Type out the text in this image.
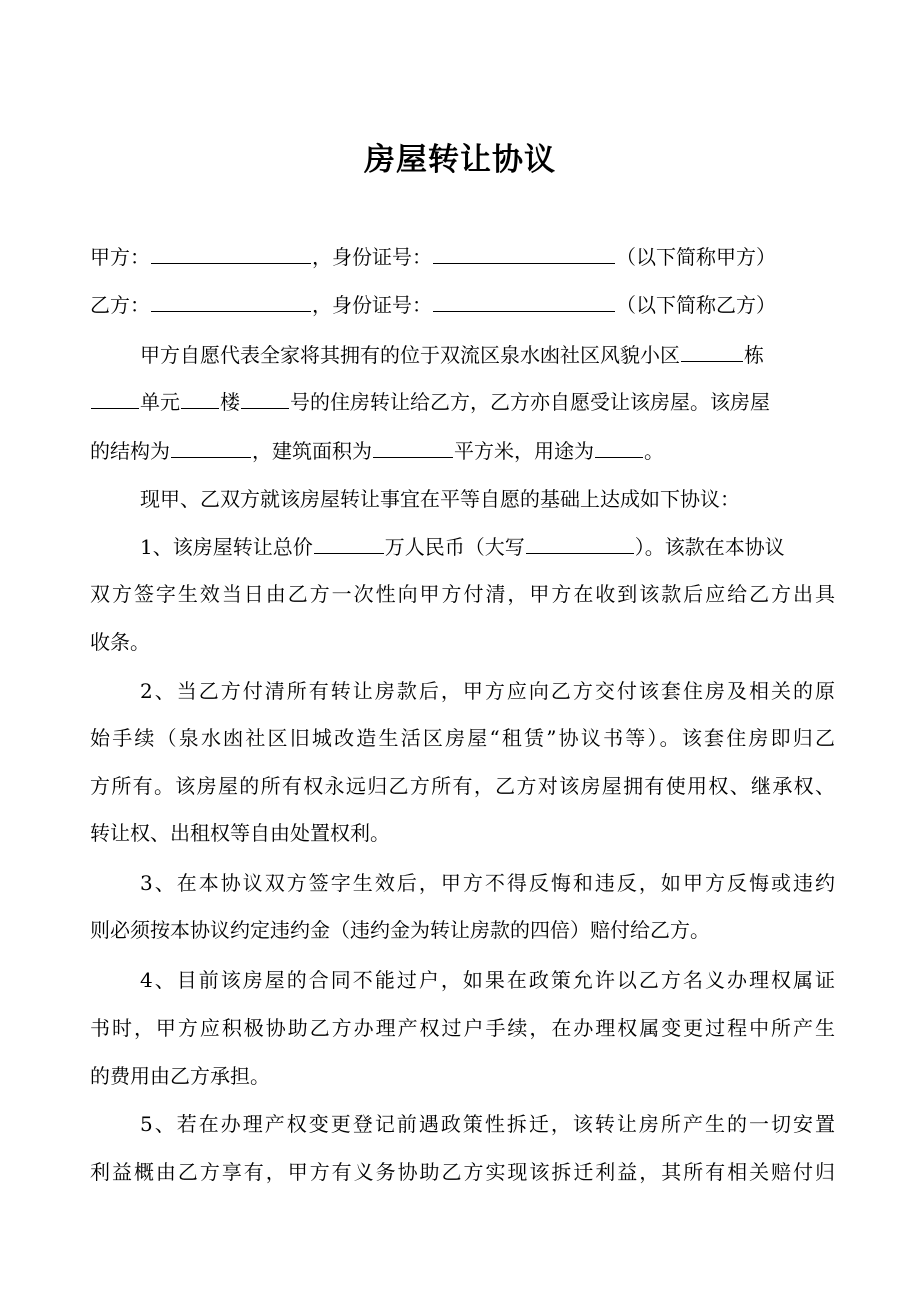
房屋转让协议
甲方：	，身份证号：	（以下简称甲方）
乙方：	，身份证号：	（以下简称乙方）
甲方自愿代表全家将其拥有的位于双流区泉水凼社区风貌小区	栋
单元 楼	号的住房转让给乙方，乙方亦自愿受让该房屋。该房屋
的结构为	，建筑面积为	平方米，用途为	。
现甲、乙双方就该房屋转让事宜在平等自愿的基础上达成如下协议：
1、该房屋转让总价	万人民币（大写	）。该款在本协议
双方签字生效当日由乙方一次性向甲方付清，甲方在收到该款后应给乙方出具
收条。
2、当乙方付清所有转让房款后，甲方应向乙方交付该套住房及相关的原
始手续（泉水凼社区旧城改造生活区房屋“租赁”协议书等）。该套住房即归乙
方所有。该房屋的所有权永远归乙方所有，乙方对该房屋拥有使用权、继承权、
转让权、出租权等自由处置权利。
3、在本协议双方签字生效后，甲方不得反悔和违反，如甲方反悔或违约
则必须按本协议约定违约金（违约金为转让房款的四倍）赔付给乙方。
4、目前该房屋的合同不能过户，如果在政策允许以乙方名义办理权属证
书时，甲方应积极协助乙方办理产权过户手续，在办理权属变更过程中所产生
的费用由乙方承担。
5、若在办理产权变更登记前遇政策性拆迁，该转让房所产生的一切安置
利益概由乙方享有，甲方有义务协助乙方实现该拆迁利益，其所有相关赔付归
